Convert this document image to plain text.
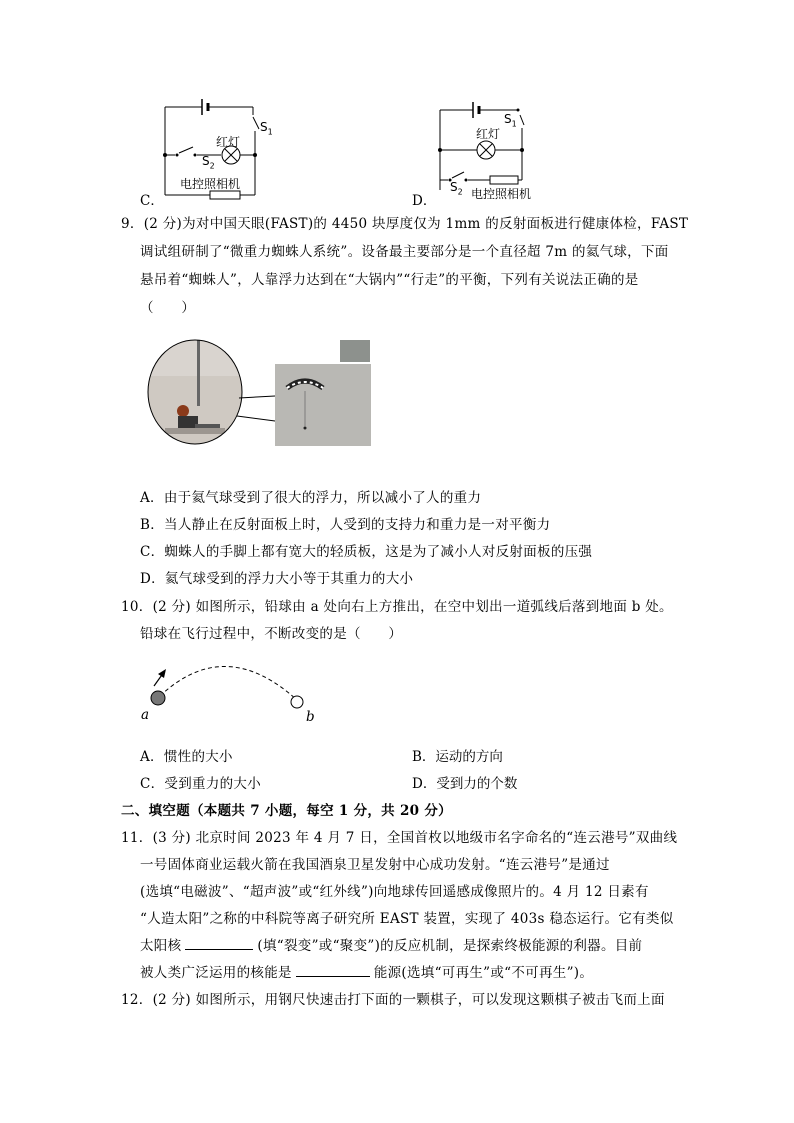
C．
红灯
$S_1$
$S_2$
电控照相机
D．
红灯
$S_1$
$S_2$ 电控照相机
9．(2 分)为对中国天眼(FAST)的 4450 块厚度仅为 1mm 的反射面板进行健康体检，FAST
调试组研制了“微重力蜘蛛人系统”。设备最主要部分是一个直径超 7m 的氦气球，下面
悬吊着“蜘蛛人”，人靠浮力达到在“大锅内”“行走”的平衡，下列有关说法正确的是
（　　）
A．由于氦气球受到了很大的浮力，所以减小了人的重力
B．当人静止在反射面板上时，人受到的支持力和重力是一对平衡力
C．蜘蛛人的手脚上都有宽大的轻质板，这是为了减小人对反射面板的压强
D．氦气球受到的浮力大小等于其重力的大小
10．(2 分) 如图所示，铅球由 a 处向右上方推出，在空中划出一道弧线后落到地面 b 处。
铅球在飞行过程中，不断改变的是（　　）
a	b
A．惯性的大小	B．运动的方向
C．受到重力的大小	D．受到力的个数
二、填空题（本题共 7 小题，每空 1 分，共 20 分）
11．(3 分) 北京时间 2023 年 4 月 7 日，全国首枚以地级市名字命名的“连云港号”双曲线
一号固体商业运载火箭在我国酒泉卫星发射中心成功发射。“连云港号”是通过
(选填“电磁波”、“超声波”或“红外线”)向地球传回遥感成像照片的。4 月 12 日素有
“人造太阳”之称的中科院等离子研究所 EAST 装置，实现了 403s 稳态运行。它有类似
太阳核	(填“裂变”或“聚变”)的反应机制，是探索终极能源的利器。目前
被人类广泛运用的核能是	能源(选填“可再生”或“不可再生”)。
12．(2 分) 如图所示，用钢尺快速击打下面的一颗棋子，可以发现这颗棋子被击飞而上面
